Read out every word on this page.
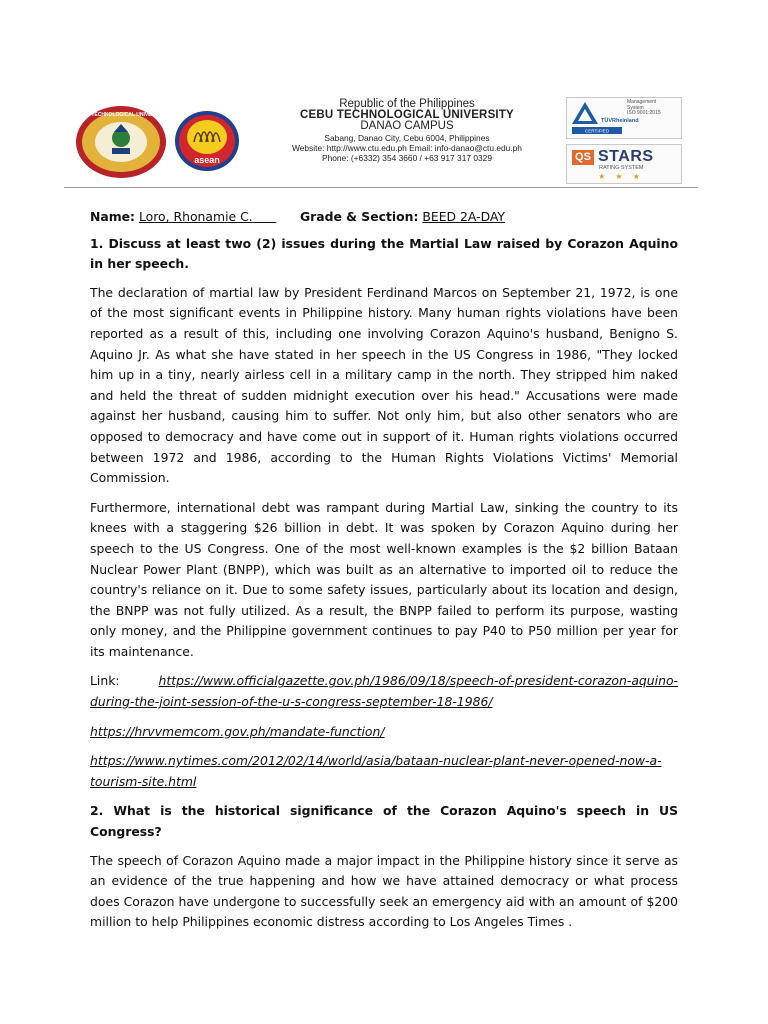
CEBU TECHNOLOGICAL UNIVERSITY
asean
Republic of the Philippines
CEBU TECHNOLOGICAL UNIVERSITY
DANAO CAMPUS
Sabang, Danao City, Cebu 6004, Philippines
Website: http://www.ctu.edu.ph Email: info-danao@ctu.edu.ph
Phone: (+6332) 354 3660 / +63 917 317 0329
TÜVRheinland
CERTIFIED
Management
System
ISO 9001:2015
QS STARS
RATING SYSTEM
★★★
Name: Loro, Rhonamie C.	Grade & Section: BEED 2A-DAY
1. Discuss at least two (2) issues during the Martial Law raised by Corazon Aquino in her speech.
The declaration of martial law by President Ferdinand Marcos on September 21, 1972, is one of the most significant events in Philippine history. Many human rights violations have been reported as a result of this, including one involving Corazon Aquino's husband, Benigno S. Aquino Jr. As what she have stated in her speech in the US Congress in 1986, "They locked him up in a tiny, nearly airless cell in a military camp in the north. They stripped him naked and held the threat of sudden midnight execution over his head." Accusations were made against her husband, causing him to suffer. Not only him, but also other senators who are opposed to democracy and have come out in support of it. Human rights violations occurred between 1972 and 1986, according to the Human Rights Violations Victims' Memorial Commission.
Furthermore, international debt was rampant during Martial Law, sinking the country to its knees with a staggering $26 billion in debt. It was spoken by Corazon Aquino during her speech to the US Congress. One of the most well-known examples is the $2 billion Bataan Nuclear Power Plant (BNPP), which was built as an alternative to imported oil to reduce the country's reliance on it. Due to some safety issues, particularly about its location and design, the BNPP was not fully utilized. As a result, the BNPP failed to perform its purpose, wasting only money, and the Philippine government continues to pay P40 to P50 million per year for its maintenance.
Link:	https://www.officialgazette.gov.ph/1986/09/18/speech-of-president-corazon-aquino-
during-the-joint-session-of-the-u-s-congress-september-18-1986/
https://hrvvmemcom.gov.ph/mandate-function/
https://www.nytimes.com/2012/02/14/world/asia/bataan-nuclear-plant-never-opened-now-a-
tourism-site.html
2. What is the historical significance of the Corazon Aquino's speech in US Congress?
The speech of Corazon Aquino made a major impact in the Philippine history since it serve as an evidence of the true happening and how we have attained democracy or what process does Corazon have undergone to successfully seek an emergency aid with an amount of $200 million to help Philippines economic distress according to Los Angeles Times .
